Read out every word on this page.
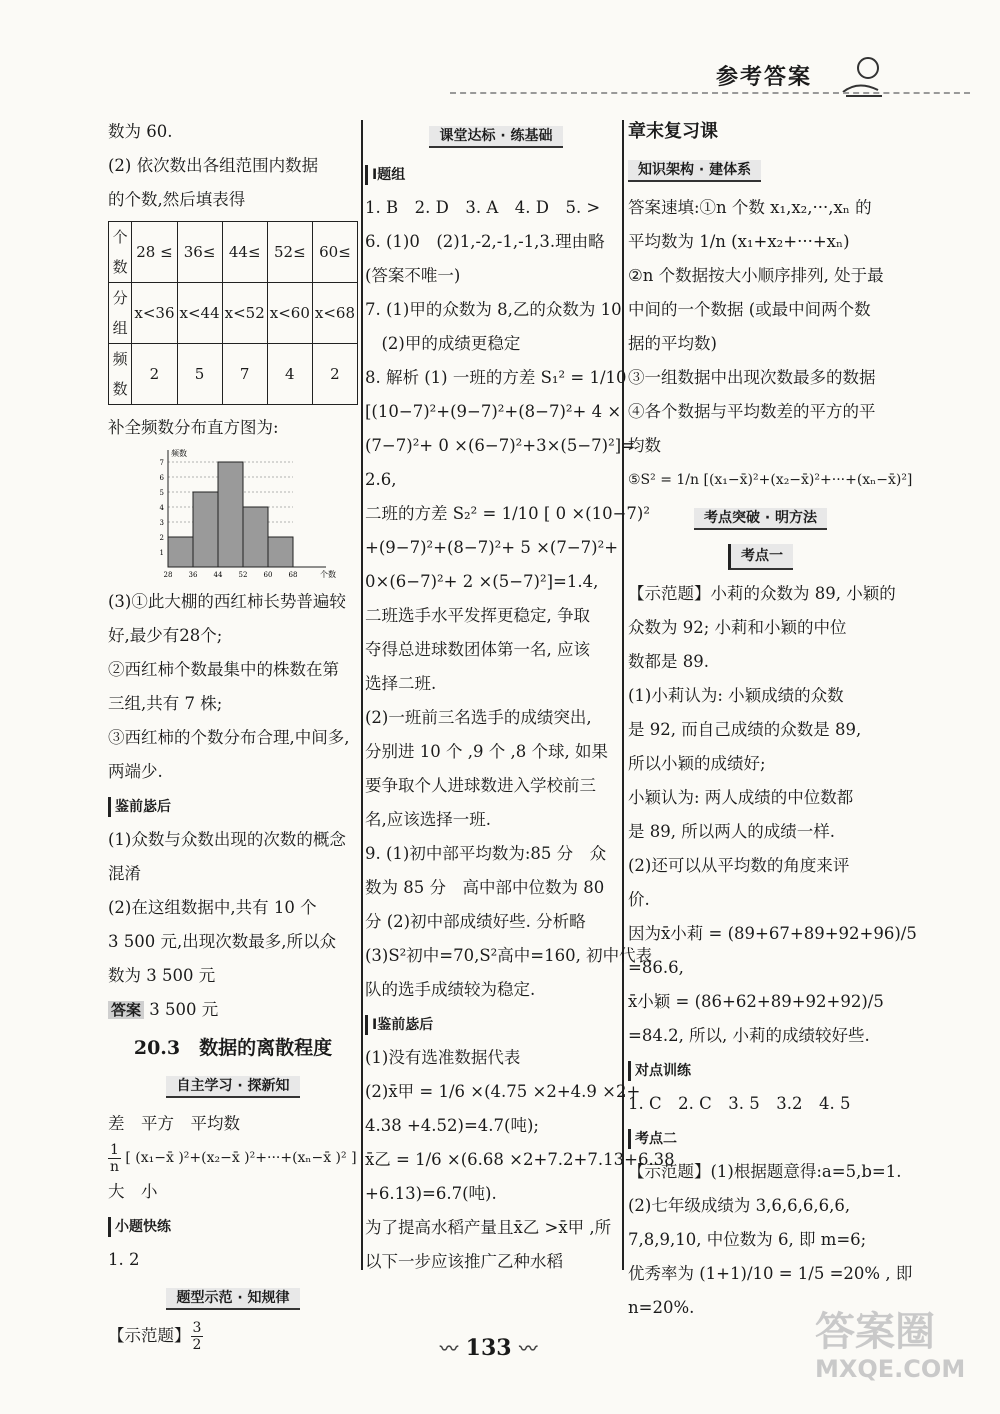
参考答案
数为 60.
(2) 依次数出各组范围内数据
的个数,然后填表得
个数	28 ≤	36≤	44≤	52≤	60≤
分组	x<36	x<44	x<52	x<60	x<68
频数	2	5	7	4	2
补全频数分布直方图为:
1
2
3
4
5
6
7
28 36 44 52 60 68
频数
个数
(3)①此大棚的西红柿长势普遍较
好,最少有28个;
②西红柿个数最集中的株数在第
三组,共有 7 株;
③西红柿的个数分布合理,中间多,
两端少.
鉴前毖后
(1)众数与众数出现的次数的概念
混淆
(2)在这组数据中,共有 10 个
3 500 元,出现次数最多,所以众
数为 3 500 元
答案 3 500 元
20.3　数据的离散程度
自主学习 · 探新知
差　平方　平均数
$\frac{1}{n}$ [ (x₁−x̄ )²+(x₂−x̄ )²+···+(xₙ−x̄ )² ]
大　小
小题快练
1. 2
题型示范 · 知规律
【示范题】 $\frac{3}{2}$
课堂达标 · 练基础
Ⅰ题组
1. B　2. D　3. A　4. D　5. >
6. (1)0　(2)1,-2,-1,-1,3.理由略
(答案不唯一)
7. (1)甲的众数为 8,乙的众数为 10
　(2)甲的成绩更稳定
8. 解析 (1) 一班的方差 S₁² = 1/10
[(10−7)²+(9−7)²+(8−7)²+ 4 ×
(7−7)²+ 0 ×(6−7)²+3×(5−7)²]=
2.6,
二班的方差 S₂² = 1/10 [ 0 ×(10−7)²
+(9−7)²+(8−7)²+ 5 ×(7−7)²+
0×(6−7)²+ 2 ×(5−7)²]=1.4,
二班选手水平发挥更稳定, 争取
夺得总进球数团体第一名, 应该
选择二班.
(2)一班前三名选手的成绩突出,
分别进 10 个 ,9 个 ,8 个球, 如果
要争取个人进球数进入学校前三
名,应该选择一班.
9. (1)初中部平均数为:85 分　众
数为 85 分　高中部中位数为 80
分 (2)初中部成绩好些. 分析略
(3)S²初中=70,S²高中=160, 初中代表
队的选手成绩较为稳定.
Ⅰ鉴前毖后
(1)没有选准数据代表
(2)x̄甲 = 1/6 ×(4.75 ×2+4.9 ×2+
4.38 +4.52)=4.7(吨);
x̄乙 = 1/6 ×(6.68 ×2+7.2+7.13+6.38
+6.13)=6.7(吨).
为了提高水稻产量且x̄乙 >x̄甲 ,所
以下一步应该推广乙种水稻
章末复习课
知识架构 · 建体系
答案速填:①n 个数 x₁,x₂,···,xₙ 的
平均数为 1/n (x₁+x₂+···+xₙ)
②n 个数据按大小顺序排列, 处于最
中间的一个数据 (或最中间两个数
据的平均数)
③一组数据中出现次数最多的数据
④各个数据与平均数差的平方的平
均数
⑤S² = 1/n [(x₁−x̄)²+(x₂−x̄)²+···+(xₙ−x̄)²]
考点突破 · 明方法
考点一
【示范题】小莉的众数为 89, 小颖的
众数为 92; 小莉和小颖的中位
数都是 89.
(1)小莉认为: 小颖成绩的众数
是 92, 而自己成绩的众数是 89,
所以小颖的成绩好;
小颖认为: 两人成绩的中位数都
是 89, 所以两人的成绩一样.
(2)还可以从平均数的角度来评
价.
因为x̄小莉 = (89+67+89+92+96)/5
=86.6,
x̄小颖 = (86+62+89+92+92)/5
=84.2, 所以, 小莉的成绩较好些.
对点训练
1. C　2. C　3. 5　3.2　4. 5
考点二
【示范题】(1)根据题意得:a=5,b=1.
(2)七年级成绩为 3,6,6,6,6,6,
7,8,9,10, 中位数为 6, 即 m=6;
优秀率为 (1+1)/10 = 1/5 =20% , 即
n=20%.
〰 133 〰	答案圈
MXQE.COM
